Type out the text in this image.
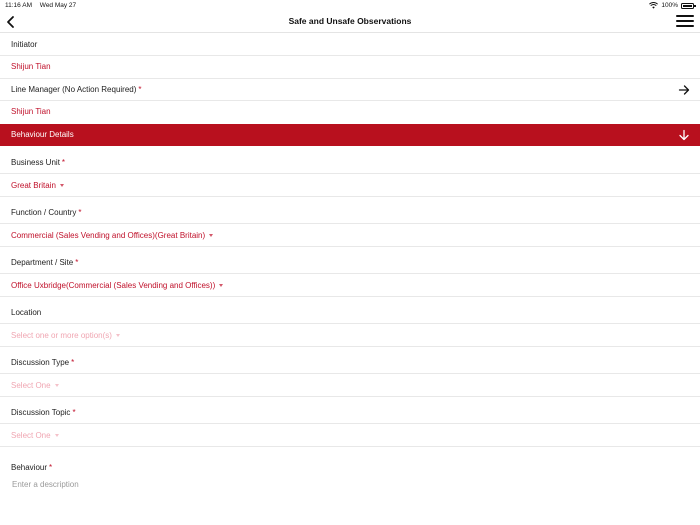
11:16 AM Wed May 27	100%
Safe and Unsafe Observations
Initiator
Shijun Tian
Line Manager (No Action Required) *
Shijun Tian
Behaviour Details
Business Unit *
Great Britain
Function / Country *
Commercial (Sales Vending and Offices)(Great Britain)
Department / Site *
Office Uxbridge(Commercial (Sales Vending and Offices))
Location
Select one or more option(s)
Discussion Type *
Select One
Discussion Topic *
Select One
Behaviour *
Enter a description
